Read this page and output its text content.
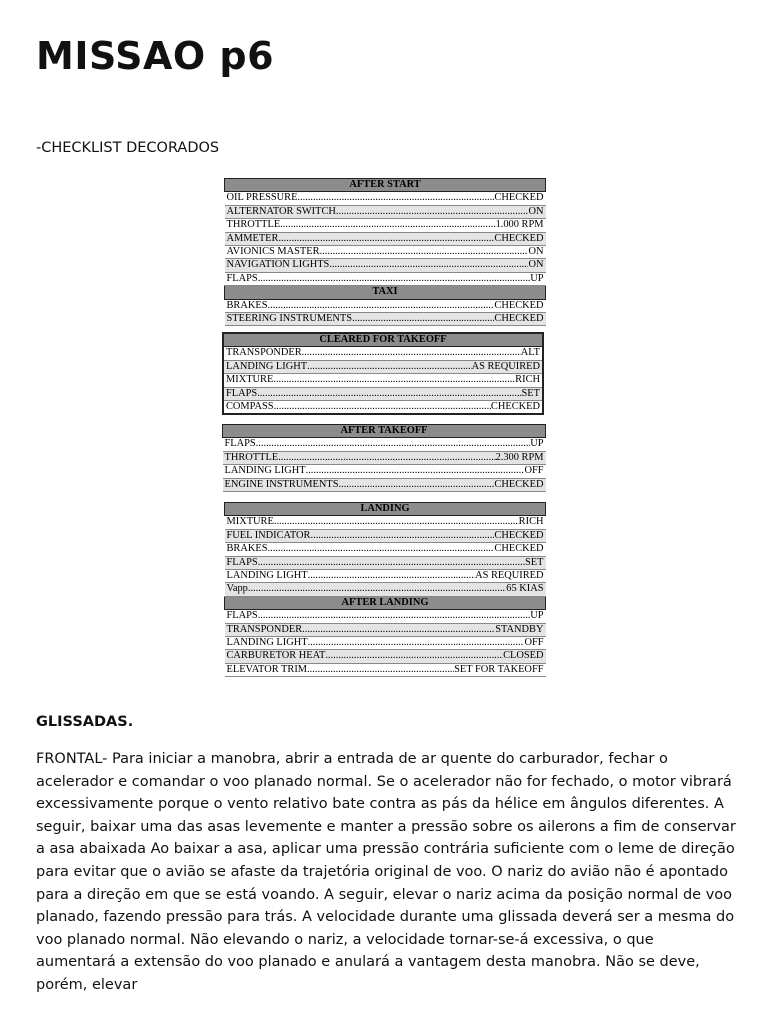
MISSAO p6

-CHECKLIST DECORADOS

AFTER START

OIL PRESSURE .....	CHECKED

ALTERNATOR SWITCH .....	ON

THROTTLE .....	1.000 RPM

AMMETER .....	CHECKED

AVIONICS MASTER .....	ON

NAVIGATION LIGHTS .....	ON

FLAPS .....	UP

TAXI

BRAKES .....	CHECKED

STEERING INSTRUMENTS .....	CHECKED
CLEARED FOR TAKEOFF

TRANSPONDER .....	ALT

LANDING LIGHT .....	AS REQUIRED

MIXTURE .....	RICH

FLAPS .....	SET

COMPASS .....	CHECKED
AFTER TAKEOFF

FLAPS .....	UP

THROTTLE .....	2.300 RPM

LANDING LIGHT .....	OFF

ENGINE INSTRUMENTS .....	CHECKED
LANDING

MIXTURE .....	RICH

FUEL INDICATOR .....	CHECKED

BRAKES .....	CHECKED

FLAPS .....	SET

LANDING LIGHT .....	AS REQUIRED

Vapp .....	65 KIAS

AFTER LANDING

FLAPS .....	UP

TRANSPONDER .....	STANDBY

LANDING LIGHT .....	OFF

CARBURETOR HEAT .....	CLOSED

ELEVATOR TRIM .....	SET FOR TAKEOFF
GLISSADAS.

FRONTAL- Para iniciar a manobra, abrir a entrada de ar quente do carburador, fechar o acelerador e comandar o voo planado normal. Se o acelerador não for fechado, o motor vibrará excessivamente porque o vento relativo bate contra as pás da hélice em ângulos diferentes. A seguir, baixar uma das asas levemente e manter a pressão sobre os ailerons a fim de conservar a asa abaixada Ao baixar a asa, aplicar uma pressão contrária suficiente com o leme de direção para evitar que o avião se afaste da trajetória original de voo. O nariz do avião não é apontado para a direção em que se está voando. A seguir, elevar o nariz acima da posição normal de voo planado, fazendo pressão para trás. A velocidade durante uma glissada deverá ser a mesma do voo planado normal. Não elevando o nariz, a velocidade tornar-se-á excessiva, o que aumentará a extensão do voo planado e anulará a vantagem desta manobra. Não se deve, porém, elevar
